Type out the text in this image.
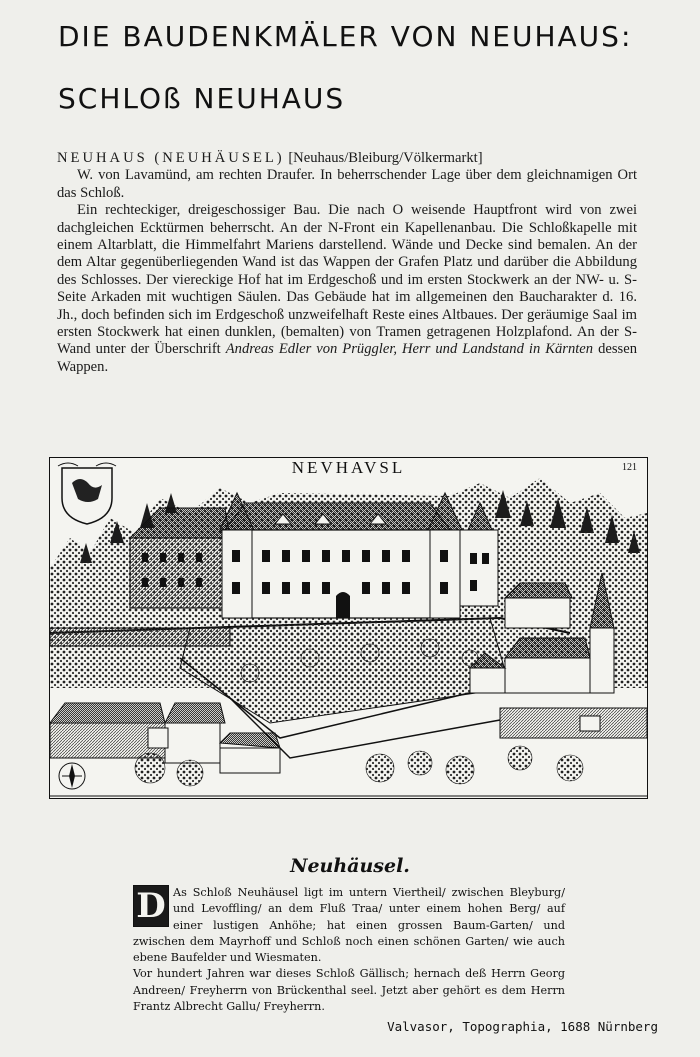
DIE BAUDENKMÄLER VON NEUHAUS:
SCHLOß NEUHAUS

NEUHAUS (NEUHÄUSEL) [Neuhaus/Bleiburg/Völkermarkt]

W. von Lavamünd, am rechten Draufer. In beherrschender Lage über dem gleichnamigen Ort das Schloß.

Ein rechteckiger, dreigeschossiger Bau. Die nach O weisende Hauptfront wird von zwei dachgleichen Ecktürmen beherrscht. An der N-Front ein Kapellenanbau. Die Schloßkapelle mit einem Altarblatt, die Himmelfahrt Mariens darstellend. Wände und Decke sind bemalen. An der dem Altar gegenüberliegenden Wand ist das Wappen der Grafen Platz und darüber die Abbildung des Schlosses. Der viereckige Hof hat im Erdgeschoß und im ersten Stockwerk an der NW- u. S-Seite Arkaden mit wuchtigen Säulen. Das Gebäude hat im allgemeinen den Baucharakter d. 16. Jh., doch befinden sich im Erdgeschoß unzweifelhaft Reste eines Altbaues. Der geräumige Saal im ersten Stockwerk hat einen dunklen, (bemalten) von Tramen getragenen Holzplafond. An der S-Wand unter der Überschrift Andreas Edler von Prüggler, Herr und Landstand in Kärnten dessen Wappen.

NEVHAVSL	121
Neuhäusel.
D As Schloß Neuhäusel ligt im untern Viertheil/ zwischen Bleyburg/ und Levoffling/ an dem Fluß Traa/ unter einem hohen Berg/ auf einer lustigen Anhöhe; hat einen grossen Baum-Garten/ und zwischen dem Mayrhoff und Schloß noch einen schönen Garten/ wie auch ebene Baufelder und Wiesmaten.

Vor hundert Jahren war dieses Schloß Gällisch; hernach deß Herrn Georg Andreen/ Freyherrn von Brückenthal seel. Jetzt aber gehört es dem Herrn Frantz Albrecht Gallu/ Freyherrn.

Valvasor, Topographia, 1688 Nürnberg
